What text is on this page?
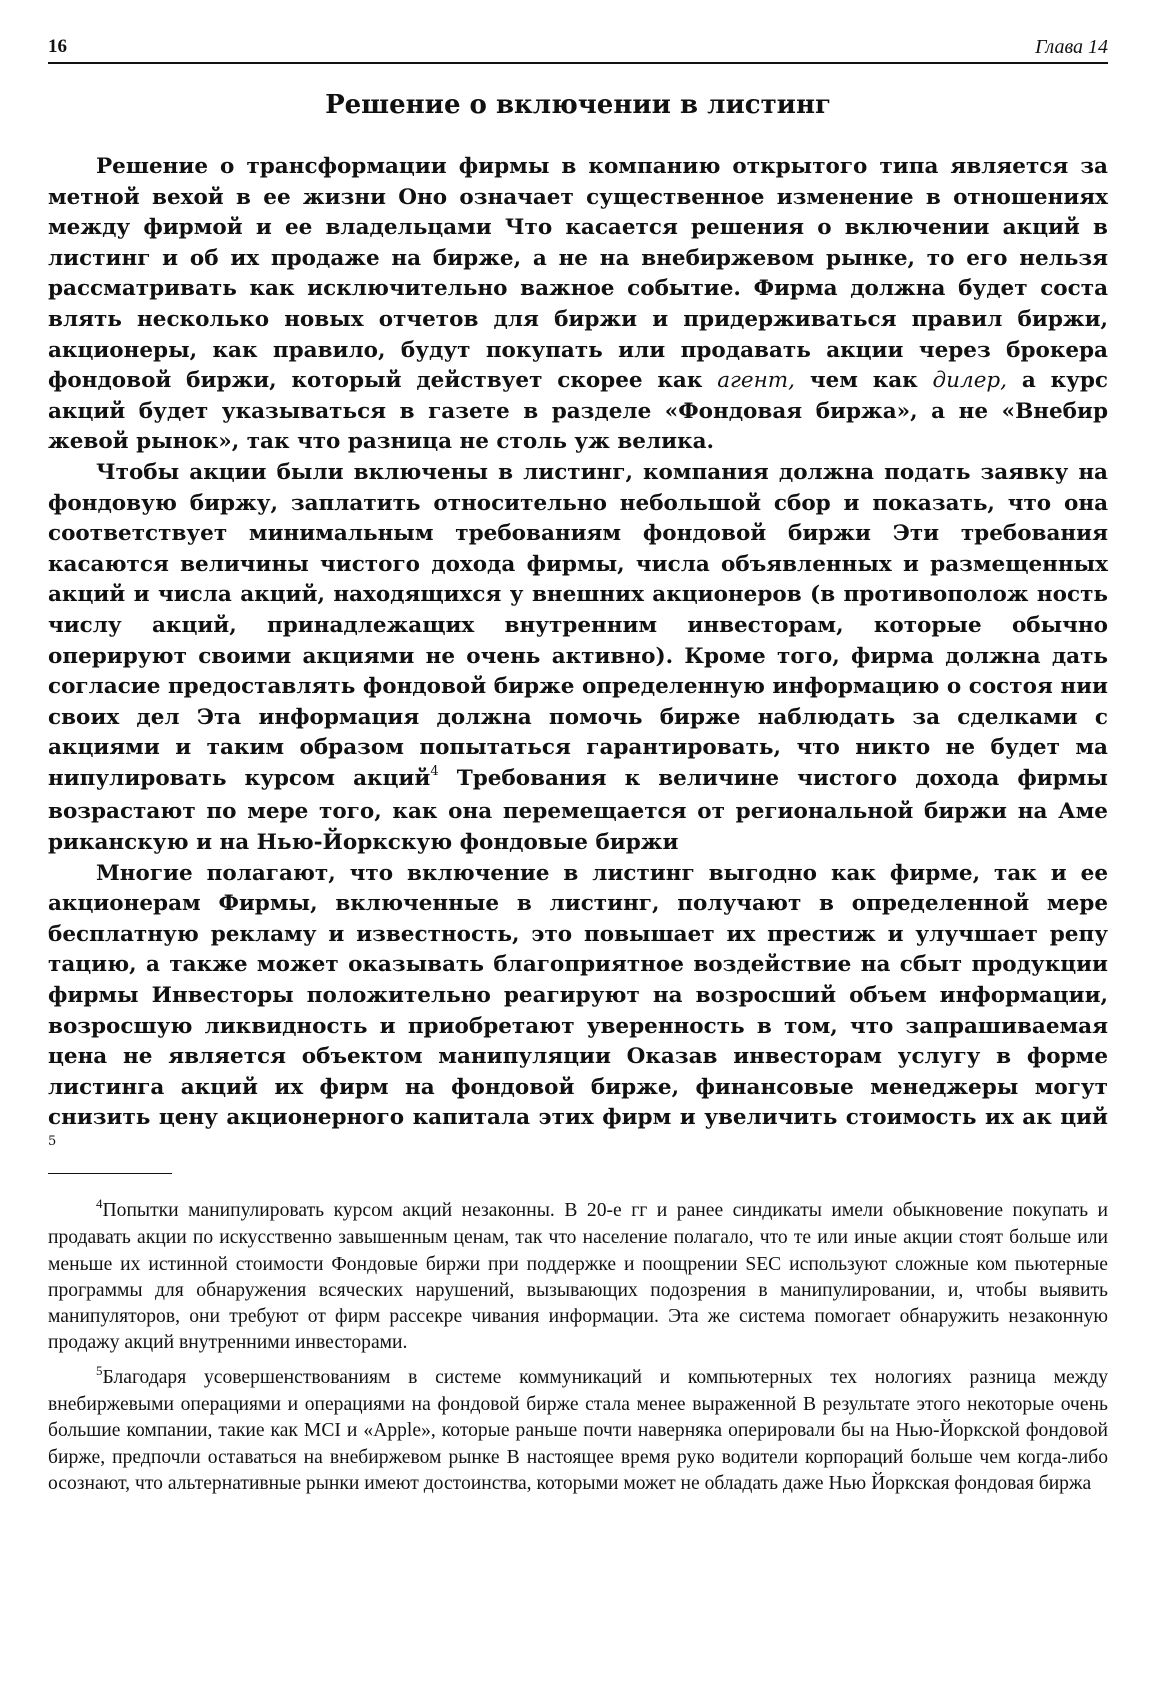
16	Глава 14
Решение о включении в листинг

Решение о трансформации фирмы в компанию открытого типа является за метной вехой в ее жизни Оно означает существенное изменение в отношениях между фирмой и ее владельцами Что касается решения о включении акций в листинг и об их продаже на бирже, а не на внебиржевом рынке, то его нельзя рассматривать как исключительно важное событие. Фирма должна будет соста влять несколько новых отчетов для биржи и придерживаться правил биржи, акционеры, как правило, будут покупать или продавать акции через брокера фондовой биржи, который действует скорее как агент, чем как дилер, а курс акций будет указываться в газете в разделе «Фондовая биржа», а не «Внебир жевой рынок», так что разница не столь уж велика.

Чтобы акции были включены в листинг, компания должна подать заявку на фондовую биржу, заплатить относительно небольшой сбор и показать, что она соответствует минимальным требованиям фондовой биржи Эти требования касаются величины чистого дохода фирмы, числа объявленных и размещенных акций и числа акций, находящихся у внешних акционеров (в противополож ность числу акций, принадлежащих внутренним инвесторам, которые обычно оперируют своими акциями не очень активно). Кроме того, фирма должна дать согласие предоставлять фондовой бирже определенную информацию о состоя нии своих дел Эта информация должна помочь бирже наблюдать за сделками с акциями и таким образом попытаться гарантировать, что никто не будет ма нипулировать курсом акций$^4$ Требования к величине чистого дохода фирмы возрастают по мере того, как она перемещается от региональной биржи на Аме риканскую и на Нью-Йоркскую фондовые биржи

Многие полагают, что включение в листинг выгодно как фирме, так и ее акционерам Фирмы, включенные в листинг, получают в определенной мере бесплатную рекламу и известность, это повышает их престиж и улучшает репу тацию, а также может оказывать благоприятное воздействие на сбыт продукции фирмы Инвесторы положительно реагируют на возросший объем информации, возросшую ликвидность и приобретают уверенность в том, что запрашиваемая цена не является объектом манипуляции Оказав инвесторам услугу в форме листинга акций их фирм на фондовой бирже, финансовые менеджеры могут снизить цену акционерного капитала этих фирм и увеличить стоимость их ак ций $^5$

$^4$Попытки манипулировать курсом акций незаконны. В 20-е гг и ранее синдикаты имели обыкновение покупать и продавать акции по искусственно завышенным ценам, так что население полагало, что те или иные акции стоят больше или меньше их истинной стоимости Фондовые биржи при поддержке и поощрении SEC используют сложные ком пьютерные программы для обнаружения всяческих нарушений, вызывающих подозрения в манипулировании, и, чтобы выявить манипуляторов, они требуют от фирм рассекре чивания информации. Эта же система помогает обнаружить незаконную продажу акций внутренними инвесторами.

$^5$Благодаря усовершенствованиям в системе коммуникаций и компьютерных тех нологиях разница между внебиржевыми операциями и операциями на фондовой бирже стала менее выраженной В результате этого некоторые очень большие компании, такие как MCI и «Apple», которые раньше почти наверняка оперировали бы на Нью-Йоркской фондовой бирже, предпочли оставаться на внебиржевом рынке В настоящее время руко водители корпораций больше чем когда-либо осознают, что альтернативные рынки имеют достоинства, которыми может не обладать даже Нью Йоркская фондовая биржа
